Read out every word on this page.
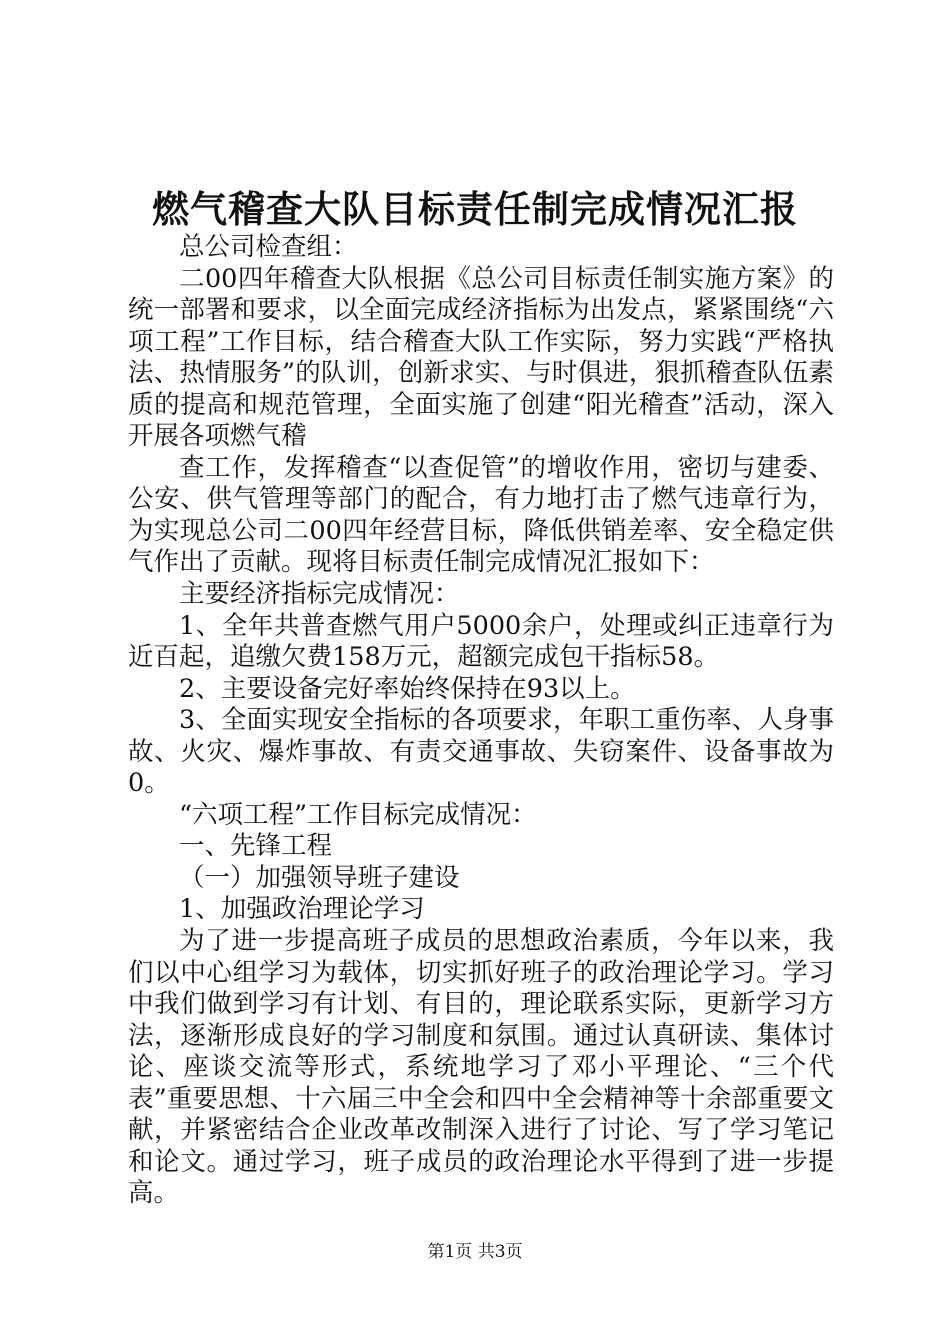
燃气稽查大队目标责任制完成情况汇报

总公司检查组：

二00四年稽查大队根据《总公司目标责任制实施方案》的统一部署和要求，以全面完成经济指标为出发点，紧紧围绕“六项工程”工作目标，结合稽查大队工作实际，努力实践“严格执法、热情服务”的队训，创新求实、与时俱进，狠抓稽查队伍素质的提高和规范管理，全面实施了创建“阳光稽查”活动，深入开展各项燃气稽

查工作，发挥稽查“以查促管”的增收作用，密切与建委、公安、供气管理等部门的配合，有力地打击了燃气违章行为，为实现总公司二00四年经营目标，降低供销差率、安全稳定供气作出了贡献。现将目标责任制完成情况汇报如下：

主要经济指标完成情况：

1、全年共普查燃气用户5000余户，处理或纠正违章行为近百起，追缴欠费158万元，超额完成包干指标58。

2、主要设备完好率始终保持在93以上。

3、全面实现安全指标的各项要求，年职工重伤率、人身事故、火灾、爆炸事故、有责交通事故、失窃案件、设备事故为0。

“六项工程”工作目标完成情况：

一、先锋工程

（一）加强领导班子建设

1、加强政治理论学习

为了进一步提高班子成员的思想政治素质，今年以来，我们以中心组学习为载体，切实抓好班子的政治理论学习。学习中我们做到学习有计划、有目的，理论联系实际，更新学习方法，逐渐形成良好的学习制度和氛围。通过认真研读、集体讨论、座谈交流等形式，系统地学习了邓小平理论、“三个代表”重要思想、十六届三中全会和四中全会精神等十余部重要文献，并紧密结合企业改革改制深入进行了讨论、写了学习笔记和论文。通过学习，班子成员的政治理论水平得到了进一步提高。

第1页 共3页
